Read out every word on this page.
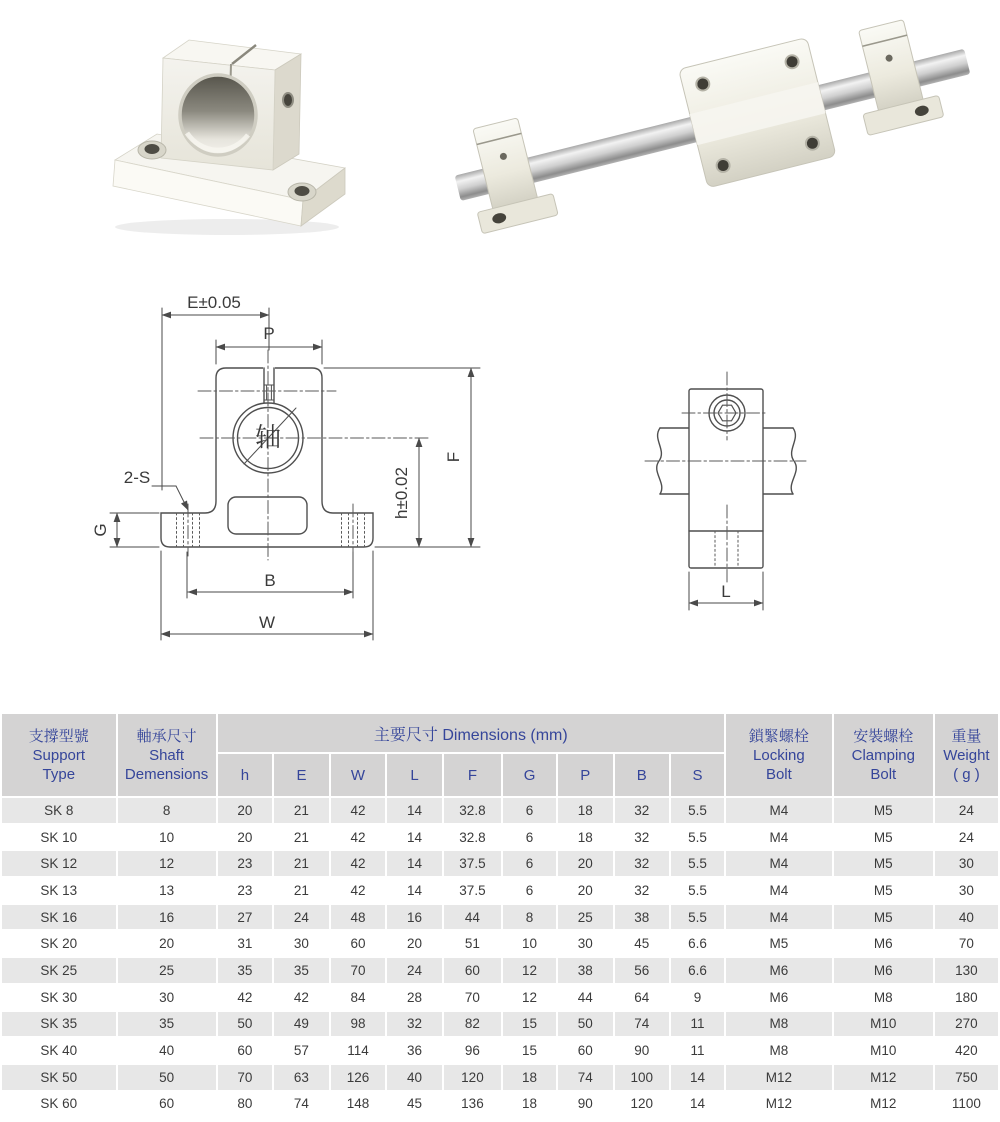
E±0.05
P
轴
2-S
G
h±0.02
F
B
W
L
支撐型號
Support
Type	軸承尺寸
Shaft
Demensions	主要尺寸 Dimensions (mm)									鎖緊螺栓
Locking
Bolt	安裝螺栓
Clamping
Bolt	重量
Weight
( g )

		h	E	W	L	F	G	P	B	S			
SK 8	8	20	21	42	14	32.8	6	18	32	5.5	M4	M5	24
SK 10	10	20	21	42	14	32.8	6	18	32	5.5	M4	M5	24
SK 12	12	23	21	42	14	37.5	6	20	32	5.5	M4	M5	30
SK 13	13	23	21	42	14	37.5	6	20	32	5.5	M4	M5	30
SK 16	16	27	24	48	16	44	8	25	38	5.5	M4	M5	40
SK 20	20	31	30	60	20	51	10	30	45	6.6	M5	M6	70
SK 25	25	35	35	70	24	60	12	38	56	6.6	M6	M6	130
SK 30	30	42	42	84	28	70	12	44	64	9	M6	M8	180
SK 35	35	50	49	98	32	82	15	50	74	11	M8	M10	270
SK 40	40	60	57	114	36	96	15	60	90	11	M8	M10	420
SK 50	50	70	63	126	40	120	18	74	100	14	M12	M12	750
SK 60	60	80	74	148	45	136	18	90	120	14	M12	M12	1100
